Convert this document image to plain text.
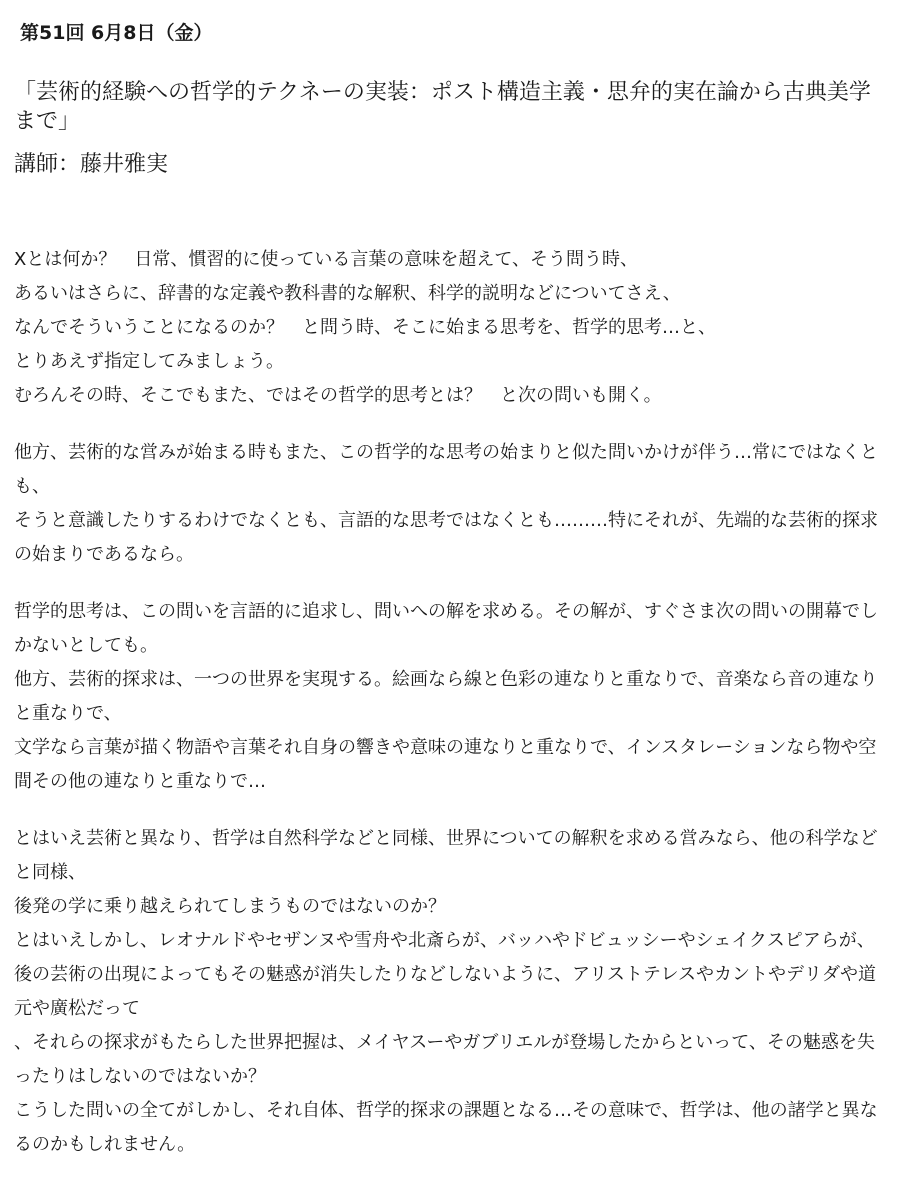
第51回 6月8日（金）
「芸術的経験への哲学的テクネーの実装：ポスト構造主義・思弁的実在論から古典美学まで」
講師：藤井雅実
Xとは何か？　日常、慣習的に使っている言葉の意味を超えて、そう問う時、
あるいはさらに、辞書的な定義や教科書的な解釈、科学的説明などについてさえ、
なんでそういうことになるのか？　と問う時、そこに始まる思考を、哲学的思考…と、
とりあえず指定してみましょう。
むろんその時、そこでもまた、ではその哲学的思考とは？　と次の問いも開く。
他方、芸術的な営みが始まる時もまた、この哲学的な思考の始まりと似た問いかけが伴う…常にではなくとも、
そうと意識したりするわけでなくとも、言語的な思考ではなくとも………特にそれが、先端的な芸術的探求の始まりであるなら。
哲学的思考は、この問いを言語的に追求し、問いへの解を求める。その解が、すぐさま次の問いの開幕でしかないとしても。
他方、芸術的探求は、一つの世界を実現する。絵画なら線と色彩の連なりと重なりで、音楽なら音の連なりと重なりで、
文学なら言葉が描く物語や言葉それ自身の響きや意味の連なりと重なりで、インスタレーションなら物や空間その他の連なりと重なりで…
とはいえ芸術と異なり、哲学は自然科学などと同様、世界についての解釈を求める営みなら、他の科学などと同様、
後発の学に乗り越えられてしまうものではないのか？
とはいえしかし、レオナルドやセザンヌや雪舟や北斎らが、バッハやドビュッシーやシェイクスピアらが、
後の芸術の出現によってもその魅惑が消失したりなどしないように、アリストテレスやカントやデリダや道元や廣松だって
、それらの探求がもたらした世界把握は、メイヤスーやガブリエルが登場したからといって、その魅惑を失ったりはしないのではないか？
こうした問いの全てがしかし、それ自体、哲学的探求の課題となる…その意味で、哲学は、他の諸学と異なるのかもしれません。
